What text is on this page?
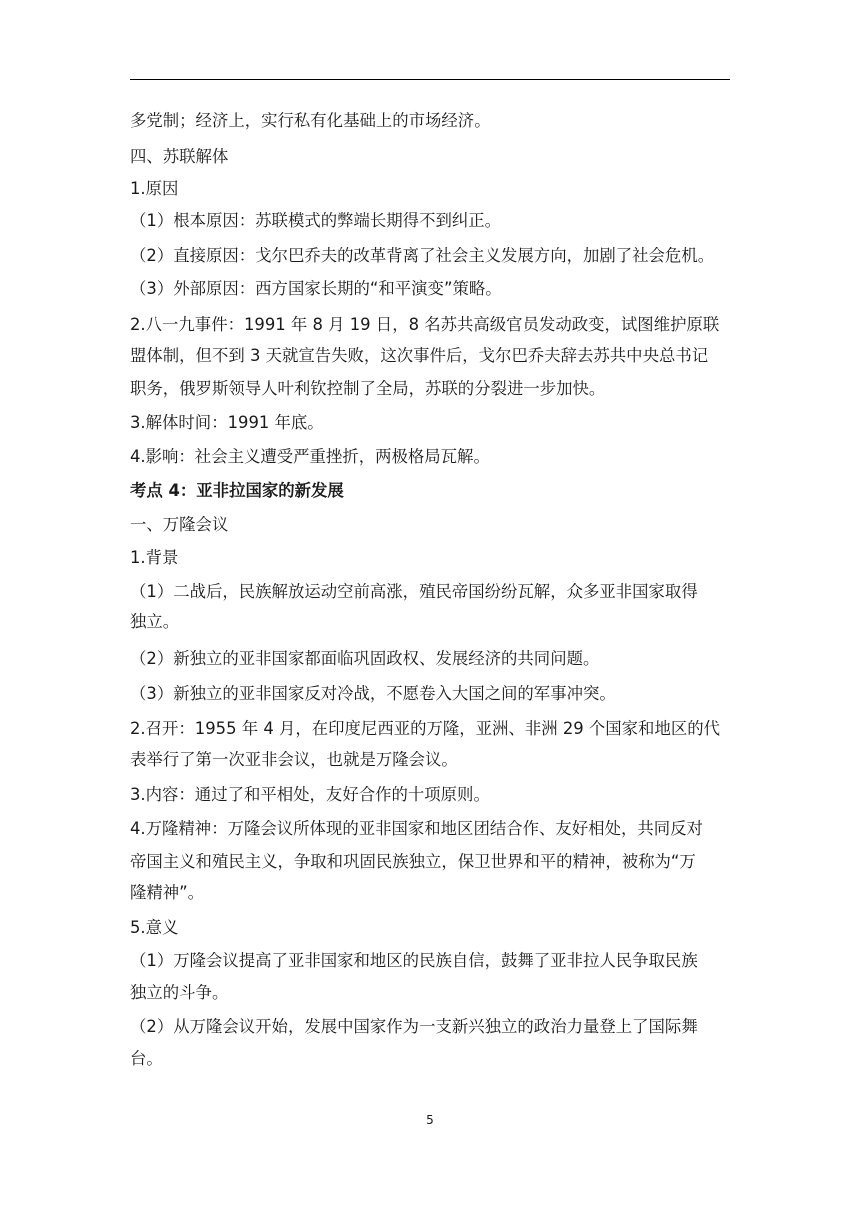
多党制；经济上，实行私有化基础上的市场经济。
四、苏联解体
1.原因
（1）根本原因：苏联模式的弊端长期得不到纠正。
（2）直接原因：戈尔巴乔夫的改革背离了社会主义发展方向，加剧了社会危机。
（3）外部原因：西方国家长期的“和平演变”策略。
2.八一九事件：1991 年 8 月 19 日，8 名苏共高级官员发动政变，试图维护原联
盟体制，但不到 3 天就宣告失败，这次事件后，戈尔巴乔夫辞去苏共中央总书记
职务，俄罗斯领导人叶利钦控制了全局，苏联的分裂进一步加快。
3.解体时间：1991 年底。
4.影响：社会主义遭受严重挫折，两极格局瓦解。
考点 4：亚非拉国家的新发展
一、万隆会议
1.背景
（1）二战后，民族解放运动空前高涨，殖民帝国纷纷瓦解，众多亚非国家取得
独立。
（2）新独立的亚非国家都面临巩固政权、发展经济的共同问题。
（3）新独立的亚非国家反对冷战，不愿卷入大国之间的军事冲突。
2.召开：1955 年 4 月，在印度尼西亚的万隆，亚洲、非洲 29 个国家和地区的代
表举行了第一次亚非会议，也就是万隆会议。
3.内容：通过了和平相处，友好合作的十项原则。
4.万隆精神：万隆会议所体现的亚非国家和地区团结合作、友好相处，共同反对
帝国主义和殖民主义，争取和巩固民族独立，保卫世界和平的精神，被称为“万
隆精神”。
5.意义
（1）万隆会议提高了亚非国家和地区的民族自信，鼓舞了亚非拉人民争取民族
独立的斗争。
（2）从万隆会议开始，发展中国家作为一支新兴独立的政治力量登上了国际舞
台。
5
